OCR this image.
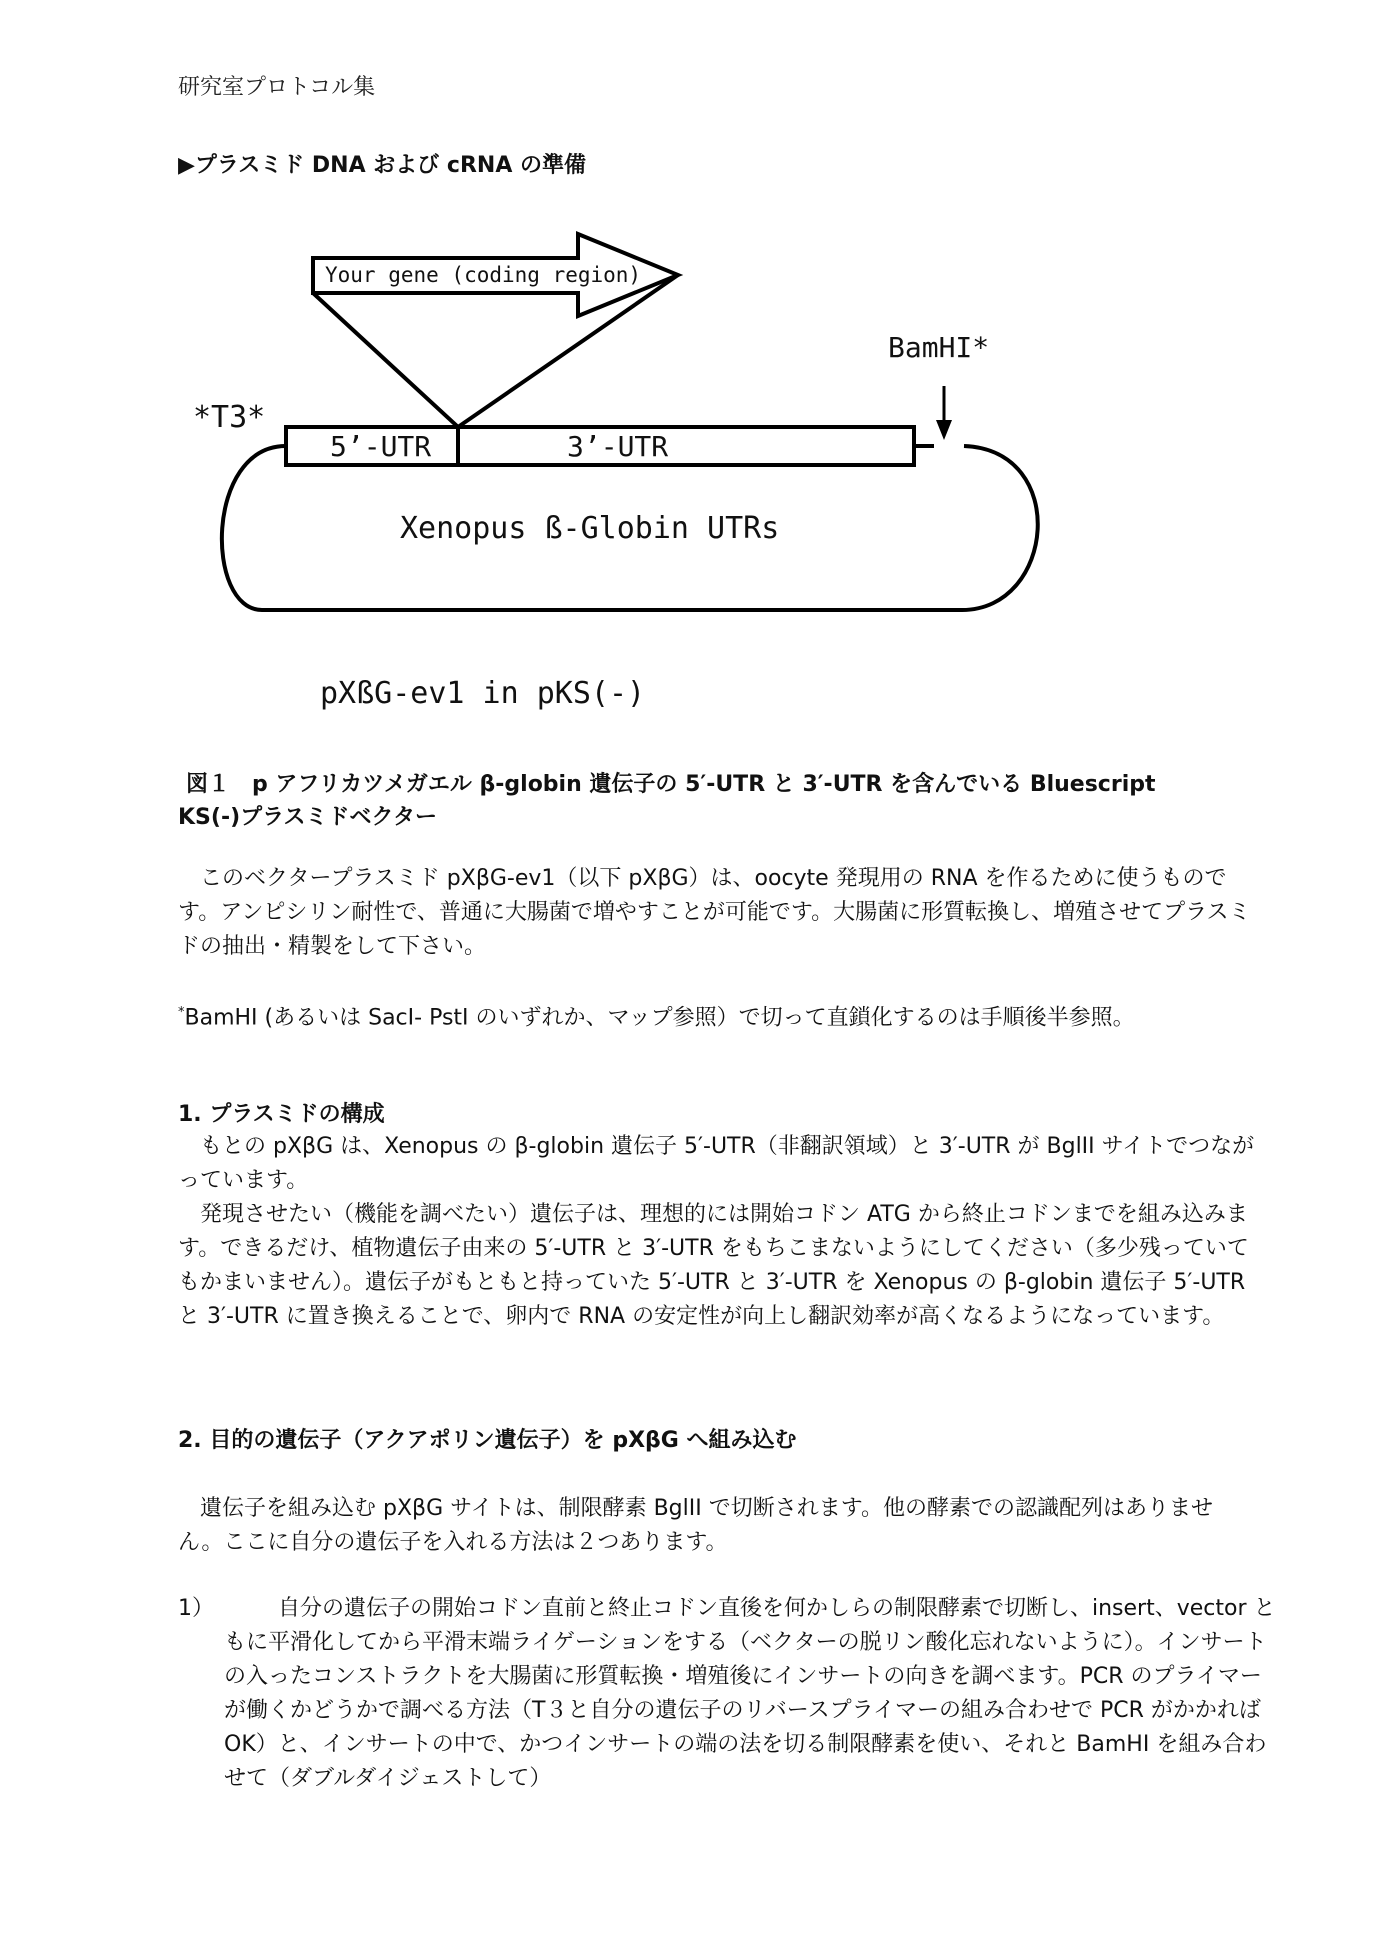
研究室プロトコル集
▶プラスミド DNA および cRNA の準備
Your gene (coding region)
*T3*
BamHI*
5’-UTR	3’-UTR
Xenopus ß-Globin UTRs
pXßG-ev1 in pKS(-)
図１　p アフリカツメガエル β-globin 遺伝子の 5′-UTR と 3′-UTR を含んでいる Bluescript
KS(-)プラスミドベクター
このベクタープラスミド pXβG-ev1（以下 pXβG）は、oocyte 発現用の RNA を作るために使うものです。アンピシリン耐性で、普通に大腸菌で増やすことが可能です。大腸菌に形質転換し、増殖させてプラスミドの抽出・精製をして下さい。
*BamHI (あるいは SacI- PstI のいずれか、マップ参照）で切って直鎖化するのは手順後半参照。
1. プラスミドの構成
もとの pXβG は、Xenopus の β-globin 遺伝子 5′-UTR（非翻訳領域）と 3′-UTR が BglII サイトでつながっています。
発現させたい（機能を調べたい）遺伝子は、理想的には開始コドン ATG から終止コドンまでを組み込みます。できるだけ、植物遺伝子由来の 5′-UTR と 3′-UTR をもちこまないようにしてください（多少残っていてもかまいません）。遺伝子がもともと持っていた 5′-UTR と 3′-UTR を Xenopus の β-globin 遺伝子 5′-UTR と 3′-UTR に置き換えることで、卵内で RNA の安定性が向上し翻訳効率が高くなるようになっています。
2. 目的の遺伝子（アクアポリン遺伝子）を pXβG へ組み込む
遺伝子を組み込む pXβG サイトは、制限酵素 BglII で切断されます。他の酵素での認識配列はありません。ここに自分の遺伝子を入れる方法は２つあります。
1）	自分の遺伝子の開始コドン直前と終止コドン直後を何かしらの制限酵素で切断し、insert、vector ともに平滑化してから平滑末端ライゲーションをする（ベクターの脱リン酸化忘れないように）。インサートの入ったコンストラクトを大腸菌に形質転換・増殖後にインサートの向きを調べます。PCR のプライマーが働くかどうかで調べる方法（T３と自分の遺伝子のリバースプライマーの組み合わせで PCR がかかれば OK）と、インサートの中で、かつインサートの端の法を切る制限酵素を使い、それと BamHI を組み合わせて（ダブルダイジェストして）
